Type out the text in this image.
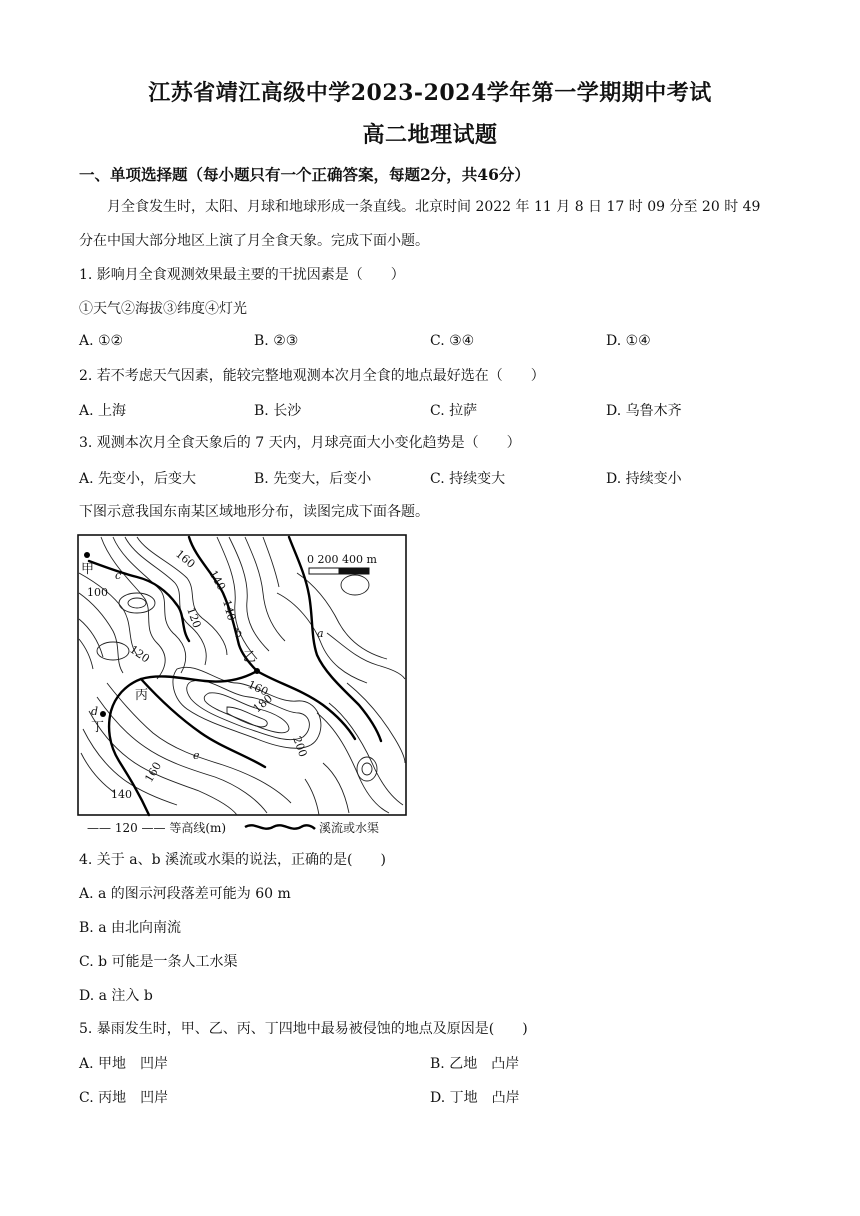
江苏省靖江高级中学2023-2024学年第一学期期中考试
高二地理试题
一、单项选择题（每小题只有一个正确答案，每题2分，共46分）
月全食发生时，太阳、月球和地球形成一条直线。北京时间 2022 年 11 月 8 日 17 时 09 分至 20 时 49
分在中国大部分地区上演了月全食天象。完成下面小题。
1. 影响月全食观测效果最主要的干扰因素是（　　）
①天气②海拔③纬度④灯光
A. ①②	B. ②③	C. ③④	D. ①④
2. 若不考虑天气因素，能较完整地观测本次月全食的地点最好选在（　　）
A. 上海	B. 长沙	C. 拉萨	D. 乌鲁木齐
3. 观测本次月全食天象后的 7 天内，月球亮面大小变化趋势是（　　）
A. 先变小，后变大	B. 先变大，后变小	C. 持续变大	D. 持续变小
下图示意我国东南某区域地形分布，读图完成下面各题。
0 200 400 m
160
140
100
120 140
120
160
180
200
160
140
甲
乙
丙
丁
a
b
c
d
e
—— 120 —— 等高线(m)	溪流或水渠
4. 关于 a、b 溪流或水渠的说法，正确的是(　　)
A. a 的图示河段落差可能为 60 m
B. a 由北向南流
C. b 可能是一条人工水渠
D. a 注入 b
5. 暴雨发生时，甲、乙、丙、丁四地中最易被侵蚀的地点及原因是(　　)
A. 甲地　凹岸	B. 乙地　凸岸
C. 丙地　凹岸	D. 丁地　凸岸
